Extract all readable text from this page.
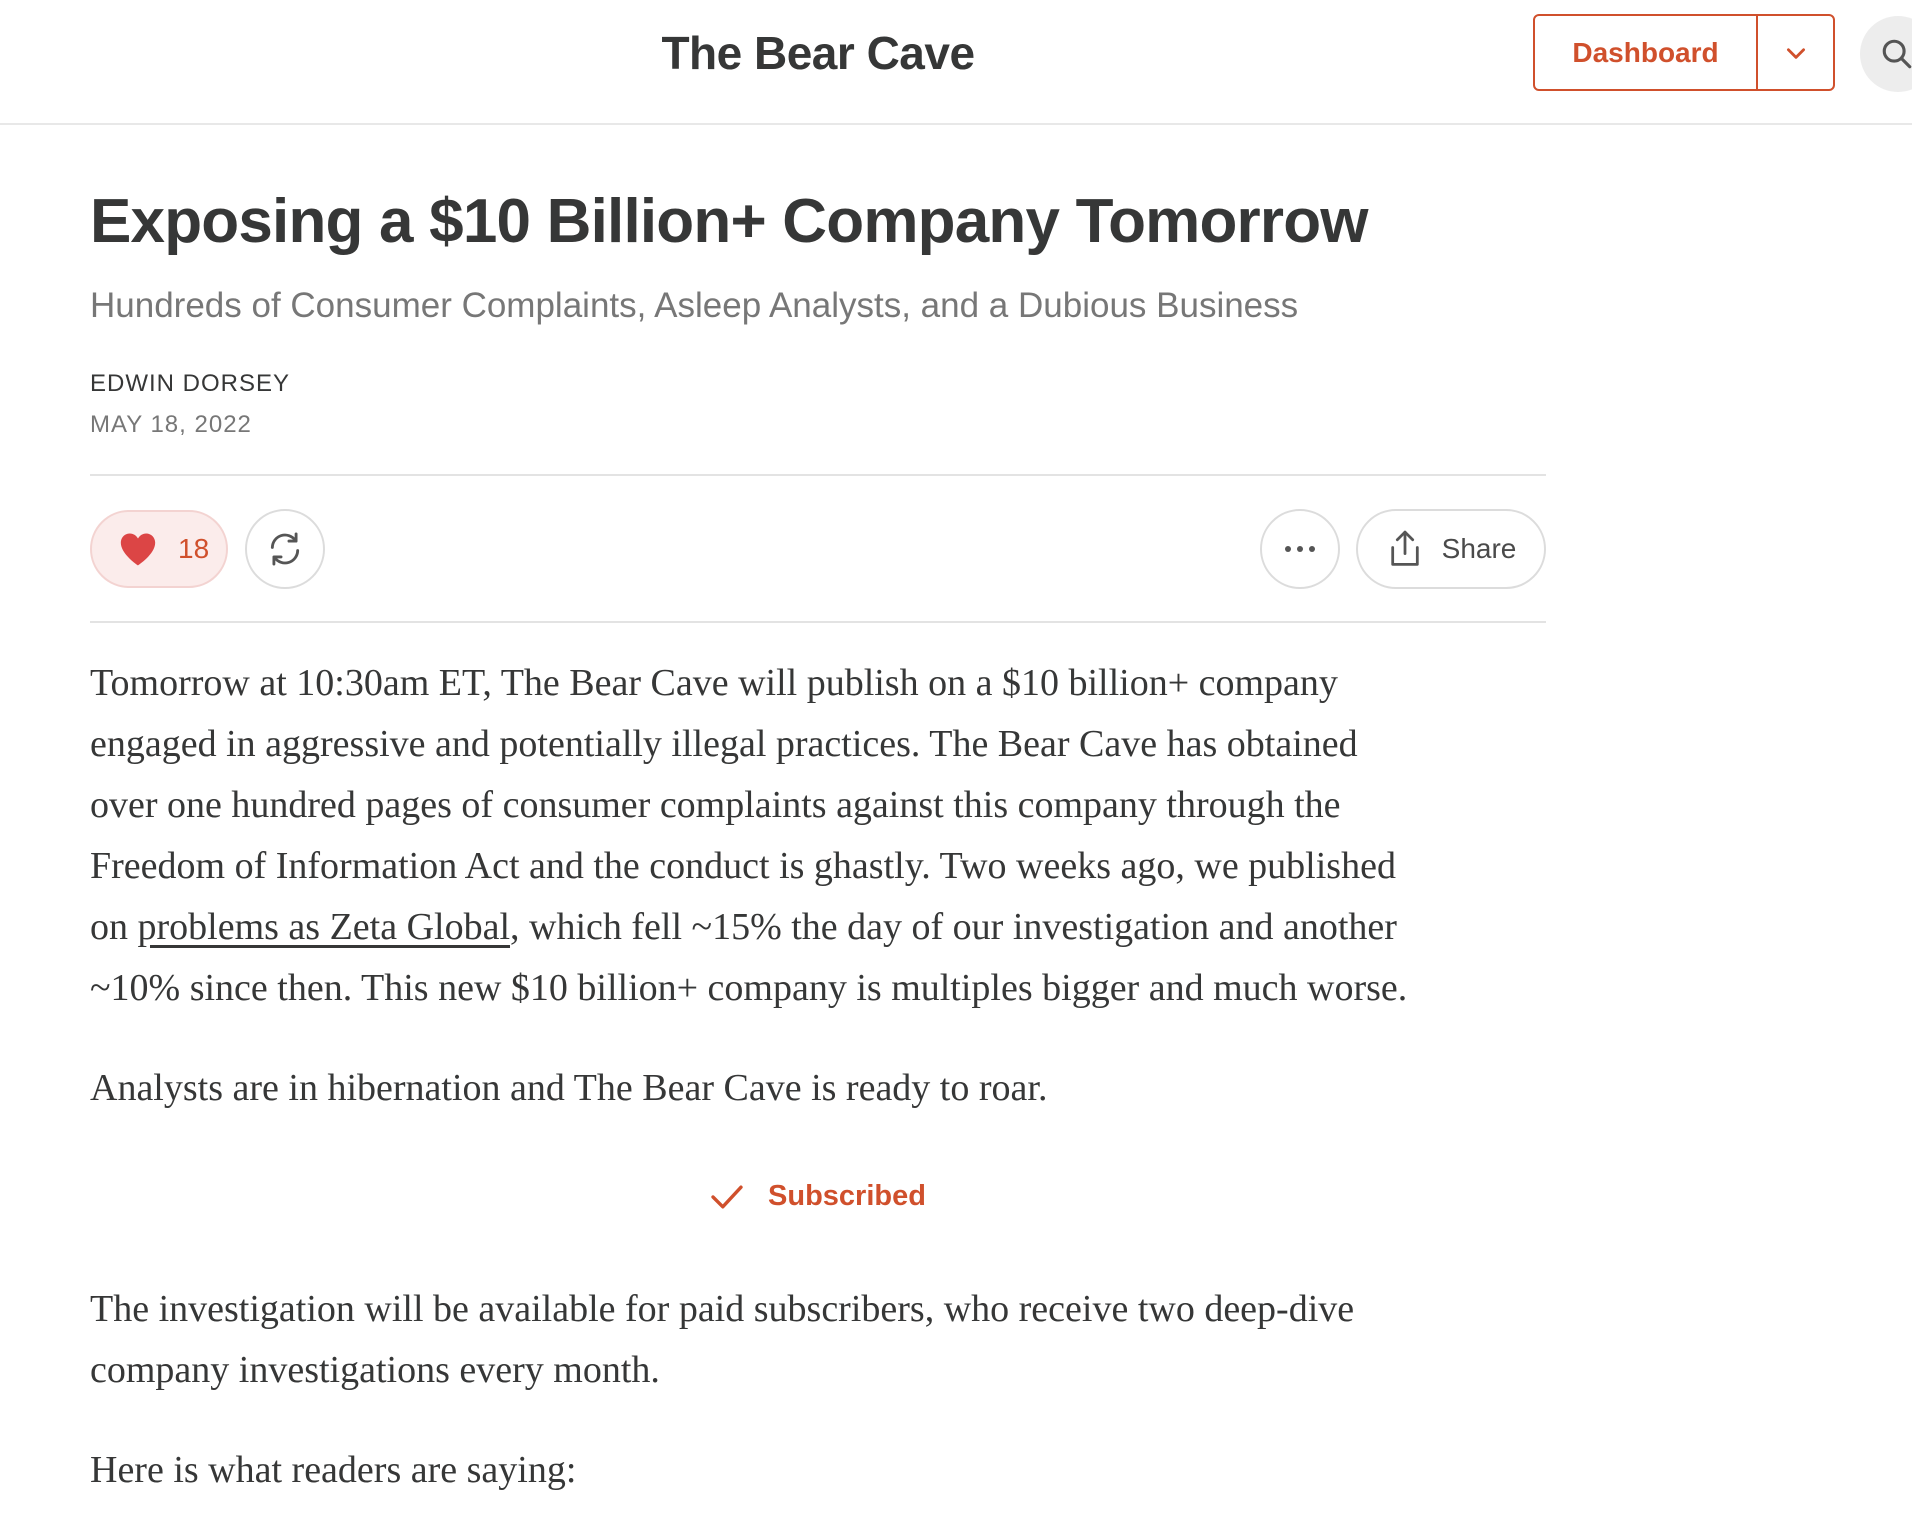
The Bear Cave	Dashboard
Exposing a $10 Billion+ Company Tomorrow
Hundreds of Consumer Complaints, Asleep Analysts, and a Dubious Business
EDWIN DORSEY
MAY 18, 2022
18	Share
Tomorrow at 10:30am ET, The Bear Cave will publish on a $10 billion+ company
engaged in aggressive and potentially illegal practices. The Bear Cave has obtained
over one hundred pages of consumer complaints against this company through the
Freedom of Information Act and the conduct is ghastly. Two weeks ago, we published
on problems as Zeta Global, which fell ~15% the day of our investigation and another
~10% since then. This new $10 billion+ company is multiples bigger and much worse.
Analysts are in hibernation and The Bear Cave is ready to roar.
Subscribed
The investigation will be available for paid subscribers, who receive two deep-dive
company investigations every month.
Here is what readers are saying:
